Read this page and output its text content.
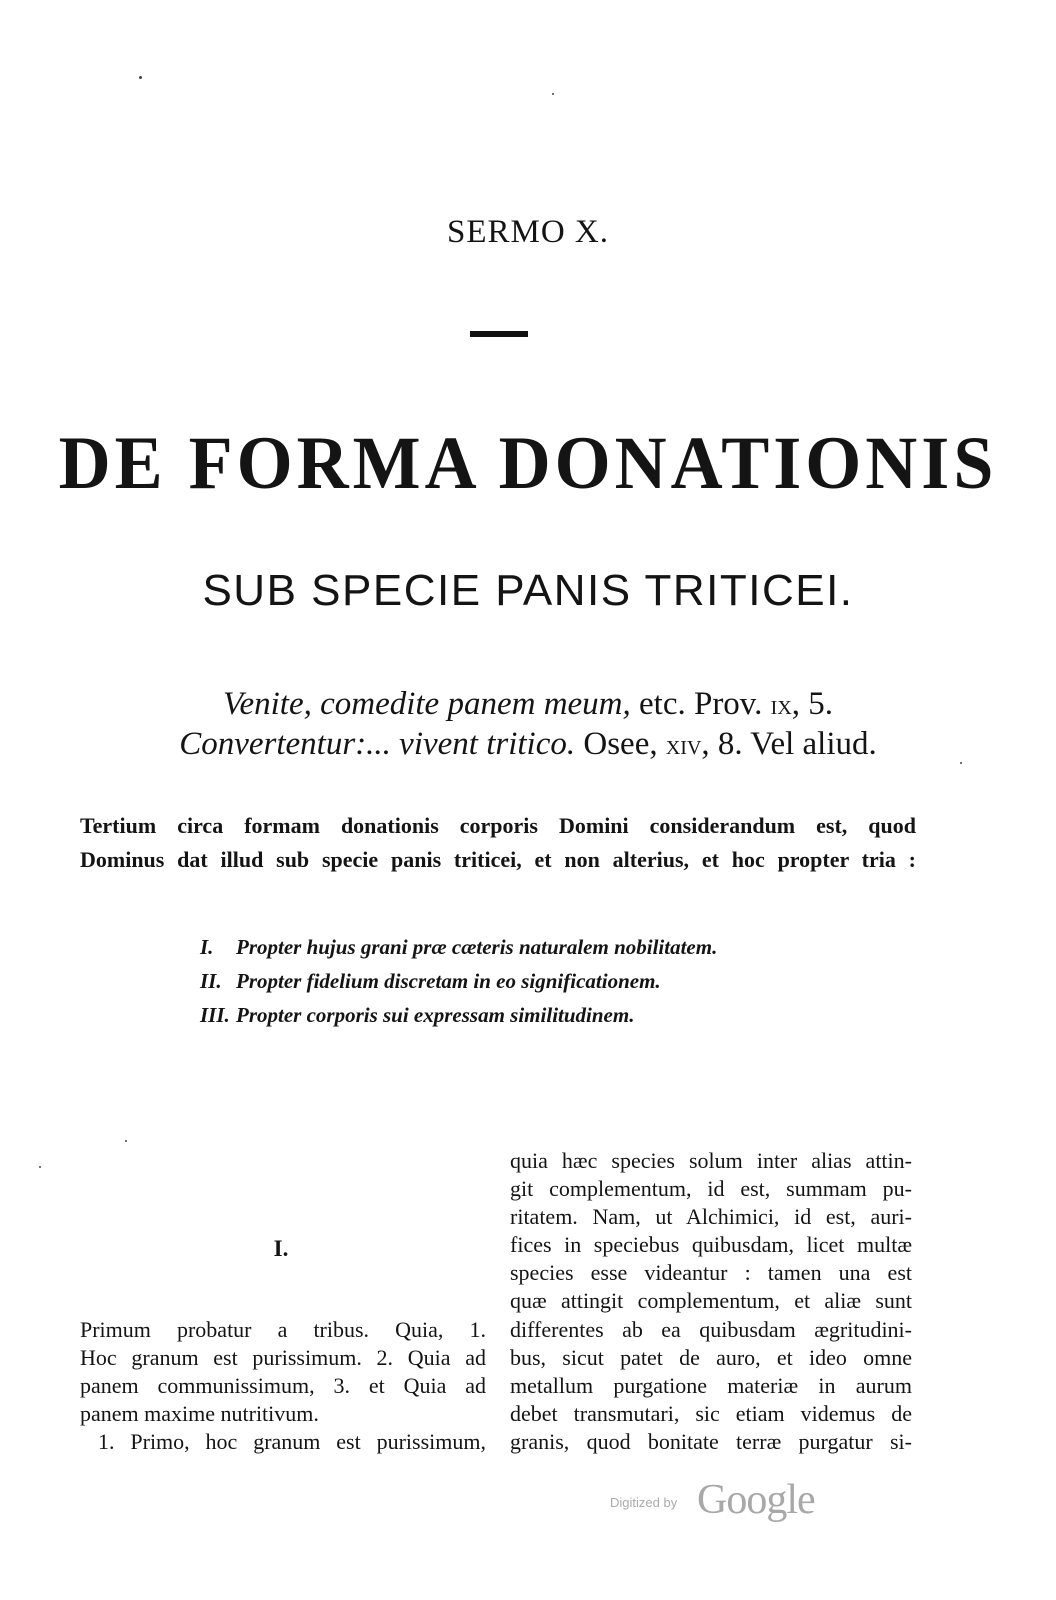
SERMO X.
DE FORMA DONATIONIS
SUB SPECIE PANIS TRITICEI.
Venite, comedite panem meum, etc. Prov. ix, 5.
Convertentur:... vivent tritico. Osee, xiv, 8. Vel aliud.
Tertium circa formam donationis corporis Domini considerandum est, quod
Dominus dat illud sub specie panis triticei, et non alterius, et hoc propter tria :
I. Propter hujus grani præ cæteris naturalem nobilitatem.
II. Propter fidelium discretam in eo significationem.
III. Propter corporis sui expressam similitudinem.
I.
Primum probatur a tribus. Quia, 1.
Hoc granum est purissimum. 2. Quia ad
panem communissimum, 3. et Quia ad
panem maxime nutritivum.
1. Primo, hoc granum est purissimum,
quia hæc species solum inter alias attin-
git complementum, id est, summam pu-
ritatem. Nam, ut Alchimici, id est, auri-
fices in speciebus quibusdam, licet multæ
species esse videantur : tamen una est
quæ attingit complementum, et aliæ sunt
differentes ab ea quibusdam ægritudini-
bus, sicut patet de auro, et ideo omne
metallum purgatione materiæ in aurum
debet transmutari, sic etiam videmus de
granis, quod bonitate terræ purgatur si-
Digitized by Google
